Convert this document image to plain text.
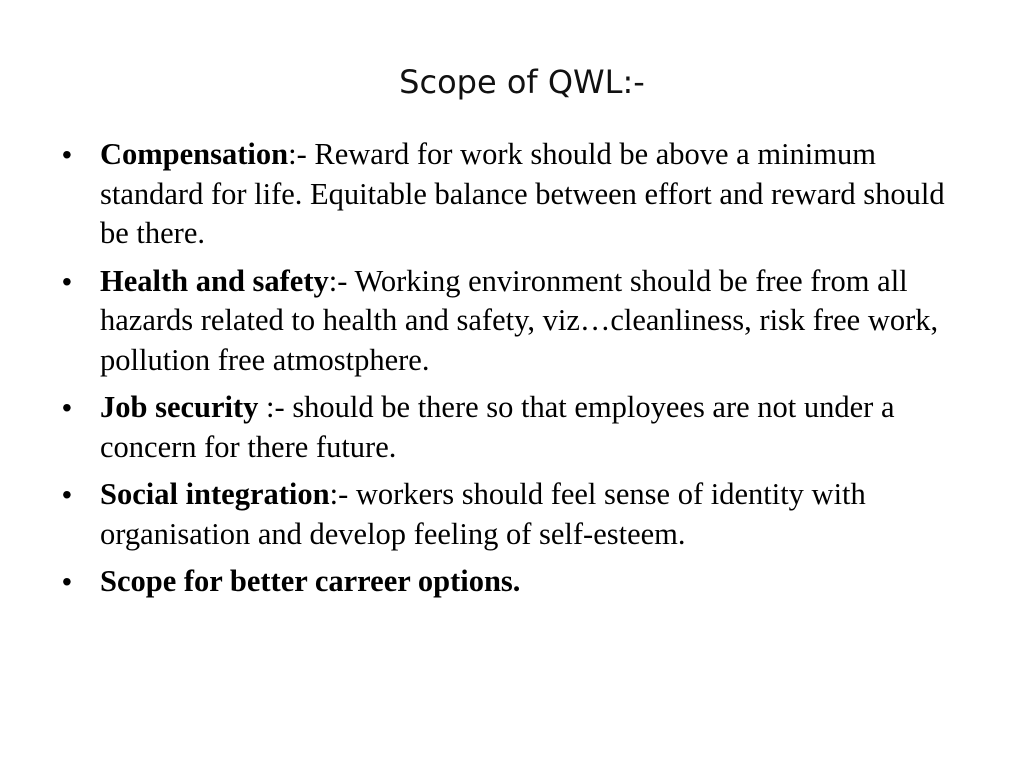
Scope of QWL:-
• Compensation:- Reward for work should be above a minimum standard for life. Equitable balance between effort and reward should be there.
• Health and safety:- Working environment should be free from all hazards related to health and safety, viz…cleanliness, risk free work, pollution free atmostphere.
• Job security :- should be there so that employees are not under a concern for there future.
• Social integration:- workers should feel sense of identity with organisation and develop feeling of self-esteem.
• Scope for better carreer options.
